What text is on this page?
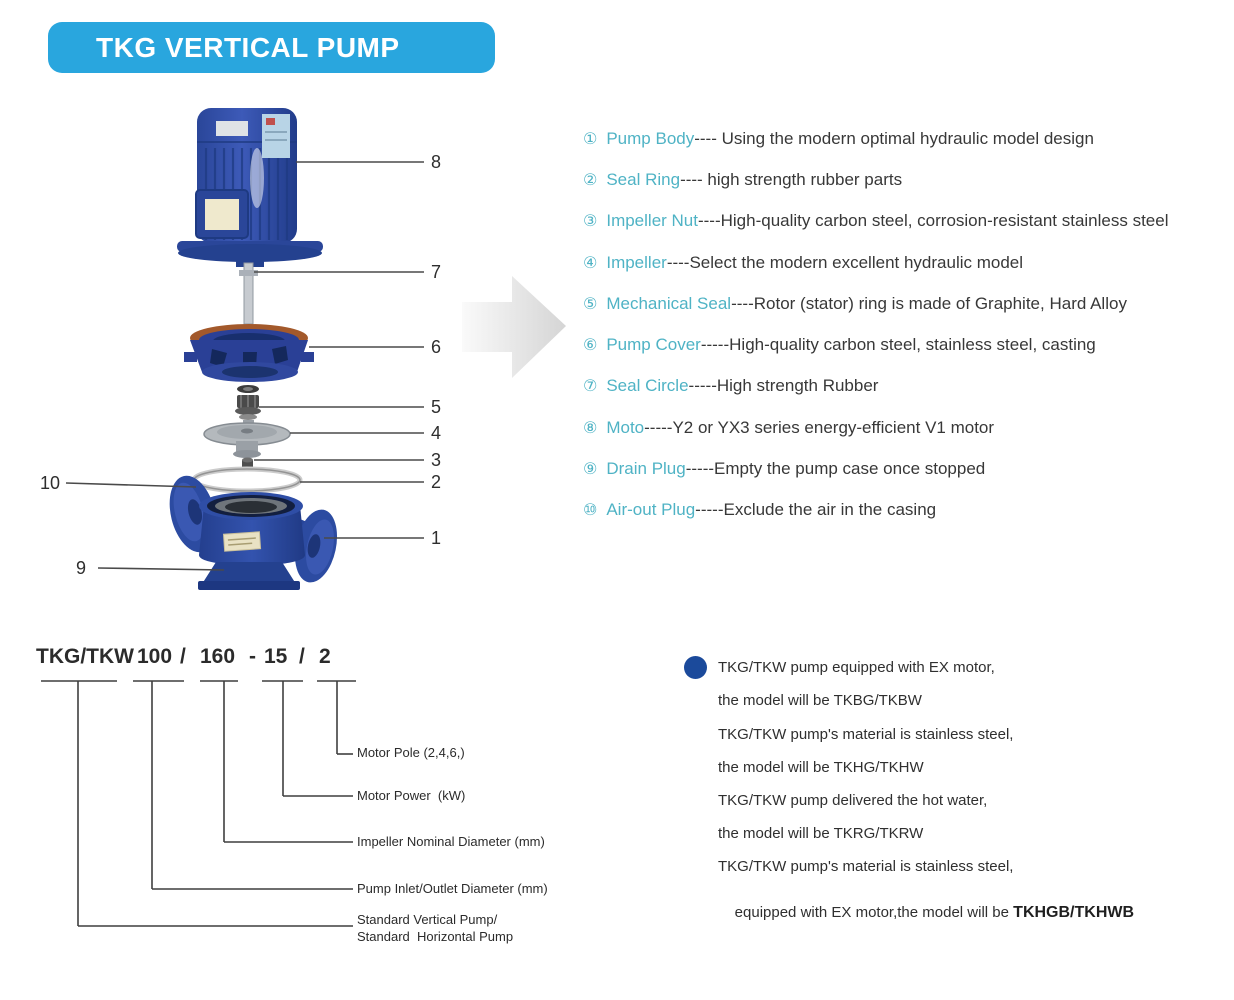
TKG VERTICAL PUMP
8
7
6
5
4
3
2
1
10
9
① Pump Body ---- Using the modern optimal hydraulic model design
② Seal Ring ---- high strength rubber parts
③ Impeller Nut ----High-quality carbon steel, corrosion-resistant stainless steel
④ Impeller ----Select the modern excellent hydraulic model
⑤ Mechanical Seal ----Rotor (stator) ring is made of Graphite, Hard Alloy
⑥ Pump Cover -----High-quality carbon steel, stainless steel, casting
⑦ Seal Circle -----High strength Rubber
⑧ Moto -----Y2 or YX3 series energy-efficient V1 motor
⑨ Drain Plug -----Empty the pump case once stopped
⑩ Air-out Plug -----Exclude the air in the casing
TKG/TKW 100 / 160 - 15 / 2
Motor Pole (2,4,6,)
Motor Power  (kW)
Impeller Nominal Diameter (mm)
Pump Inlet/Outlet Diameter (mm)
Standard Vertical Pump/
Standard  Horizontal Pump
TKG/TKW pump equipped with EX motor,
the model will be TKBG/TKBW
TKG/TKW pump's material is stainless steel,
the model will be TKHG/TKHW
TKG/TKW pump delivered the hot water,
the model will be TKRG/TKRW
TKG/TKW pump's material is stainless steel,

equipped with EX motor,the model will be TKHGB/TKHWB
